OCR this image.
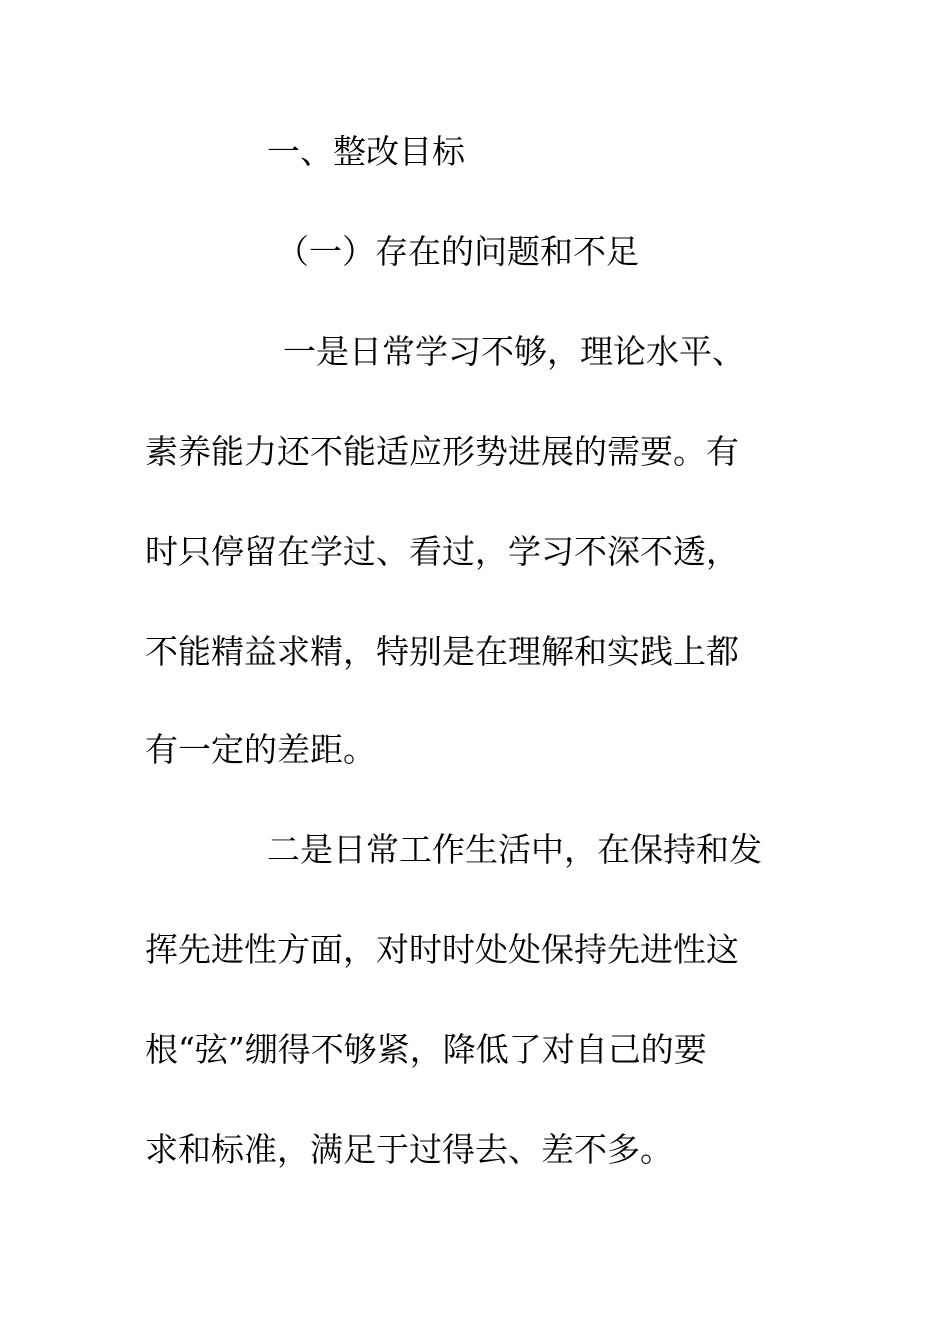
一、整改目标

（一）存在的问题和不足

一是日常学习不够，理论水平、

素养能力还不能适应形势进展的需要。有

时只停留在学过、看过，学习不深不透，

不能精益求精，特别是在理解和实践上都

有一定的差距。

二是日常工作生活中，在保持和发

挥先进性方面，对时时处处保持先进性这

根“弦”绷得不够紧，降低了对自己的要

求和标准，满足于过得去、差不多。
